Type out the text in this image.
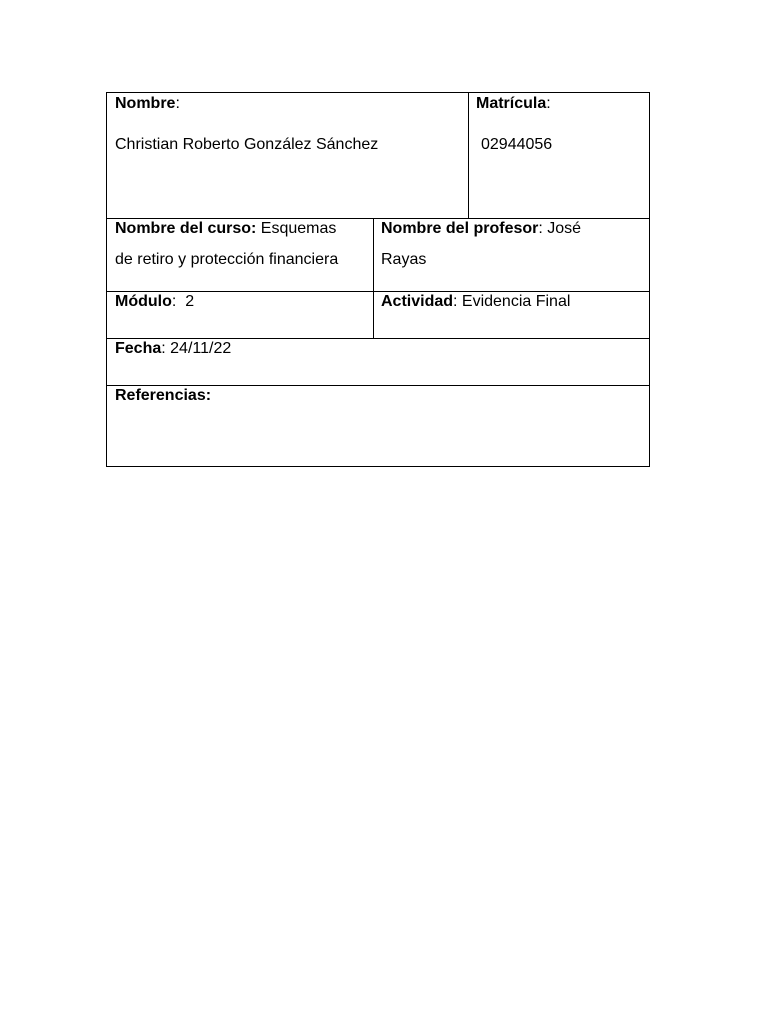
Nombre:
Christian Roberto González Sánchez
Matrícula:
02944056
Nombre del curso: Esquemas
de retiro y protección financiera
Nombre del profesor: José
Rayas
Módulo:  2	Actividad: Evidencia Final
Fecha: 24/11/22
Referencias:
